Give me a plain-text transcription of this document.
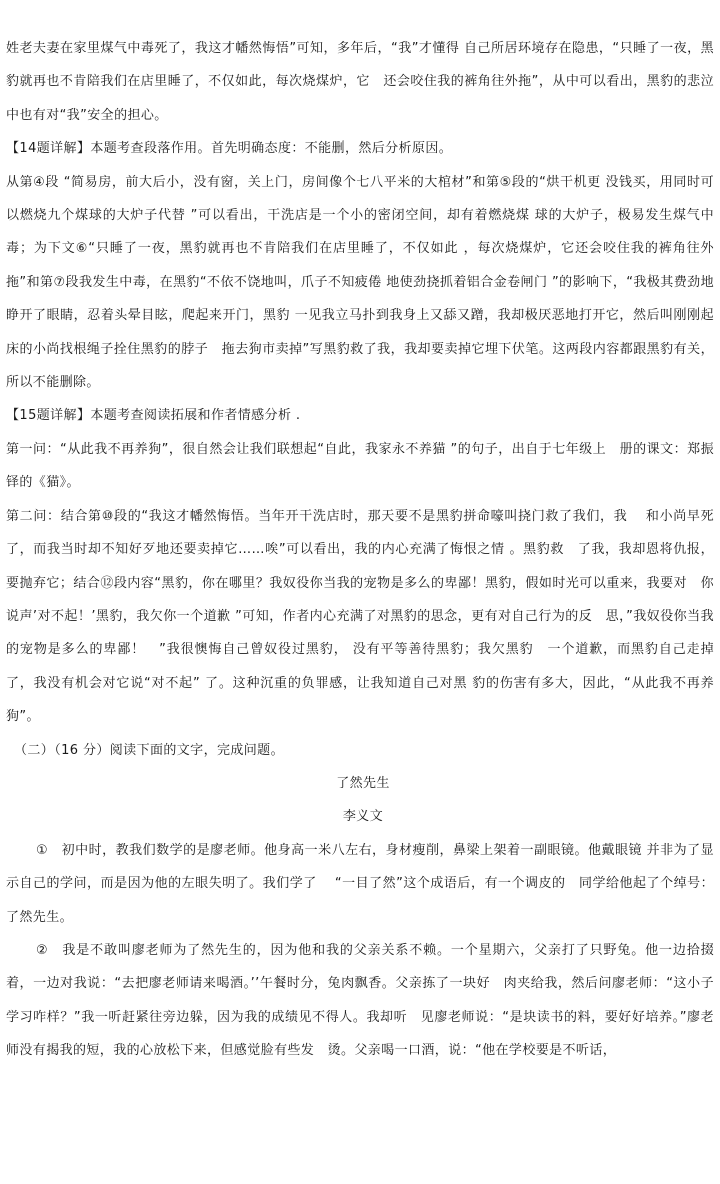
姓老夫妻在家里煤气中毒死了，我这才幡然悔悟”可知，多年后，“我”才懂得 自己所居环境存在隐患，“只睡了一夜，黑豹就再也不肯陪我们在店里睡了，不仅如此，每次烧煤炉，它　还会咬住我的裤角往外拖”，从中可以看出，黑豹的悲泣中也有对“我”安全的担心。

【14题详解】本题考查段落作用。首先明确态度：不能删，然后分析原因。

从第④段 “简易房，前大后小，没有窗，关上门，房间像个七八平米的大棺材”和第⑤段的“烘干机更 没钱买，用同时可以燃烧九个煤球的大炉子代替 ”可以看出，干洗店是一个小的密闭空间，却有着燃烧煤 球的大炉子，极易发生煤气中毒；为下文⑥“只睡了一夜，黑豹就再也不肯陪我们在店里睡了，不仅如此 ，每次烧煤炉，它还会咬住我的裤角往外拖”和第⑦段我发生中毒，在黑豹“不依不饶地叫，爪子不知疲倦 地使劲挠抓着铝合金卷闸门 ”的影响下，“我极其费劲地睁开了眼睛，忍着头晕目眩，爬起来开门，黑豹 一见我立马扑到我身上又舔又蹭，我却极厌恶地打开它，然后叫刚刚起床的小尚找根绳子拴住黑豹的脖子　拖去狗市卖掉”写黑豹救了我，我却要卖掉它埋下伏笔。这两段内容都跟黑豹有关，所以不能删除。

【15题详解】本题考查阅读拓展和作者情感分析 .

第一问：“从此我不再养狗”，很自然会让我们联想起“自此，我家永不养猫 ”的句子，出自于七年级上　册的课文：郑振铎的《猫》。

第二问：结合第⑩段的“我这才幡然悔悟。当年开干洗店时，那天要不是黑豹拼命嚎叫挠门救了我们，我　 和小尚早死了，而我当时却不知好歹地还要卖掉它……唉”可以看出，我的内心充满了悔恨之情 。黑豹救　了我，我却恩将仇报，要抛弃它；结合⑫段内容“黑豹，你在哪里？我奴役你当我的宠物是多么的卑鄙！黑豹，假如时光可以重来，我要对　你说声’对不起！’黑豹，我欠你一个道歉 ”可知，作者内心充满了对黑豹的思念，更有对自己行为的反　思，”我奴役你当我的宠物是多么的卑鄙！　”我很懊悔自己曾奴役过黑豹， 没有平等善待黑豹；我欠黑豹　一个道歉，而黑豹自己走掉了，我没有机会对它说“对不起” 了。这种沉重的负罪感，让我知道自己对黑 豹的伤害有多大，因此，“从此我不再养狗”。

（二）（16 分）阅读下面的文字，完成问题。

了然先生

李义文

①　初中时，教我们数学的是廖老师。他身高一米八左右，身材瘦削，鼻梁上架着一副眼镜。他戴眼镜 并非为了显示自己的学问，而是因为他的左眼失明了。我们学了　 “一目了然”这个成语后，有一个调皮的　同学给他起了个绰号：了然先生。

②　我是不敢叫廖老师为了然先生的，因为他和我的父亲关系不赖。一个星期六，父亲打了只野兔。他一边拾掇着，一边对我说：“去把廖老师请来喝酒。’’午餐时分，兔肉飘香。父亲拣了一块好　肉夹给我，然后问廖老师：“这小子学习咋样？”我一听赶紧往旁边躲，因为我的成绩见不得人。我却听　见廖老师说：“是块读书的料，要好好培养。”廖老师没有揭我的短，我的心放松下来，但感觉脸有些发　烫。父亲喝一口酒，说：“他在学校要是不听话，
